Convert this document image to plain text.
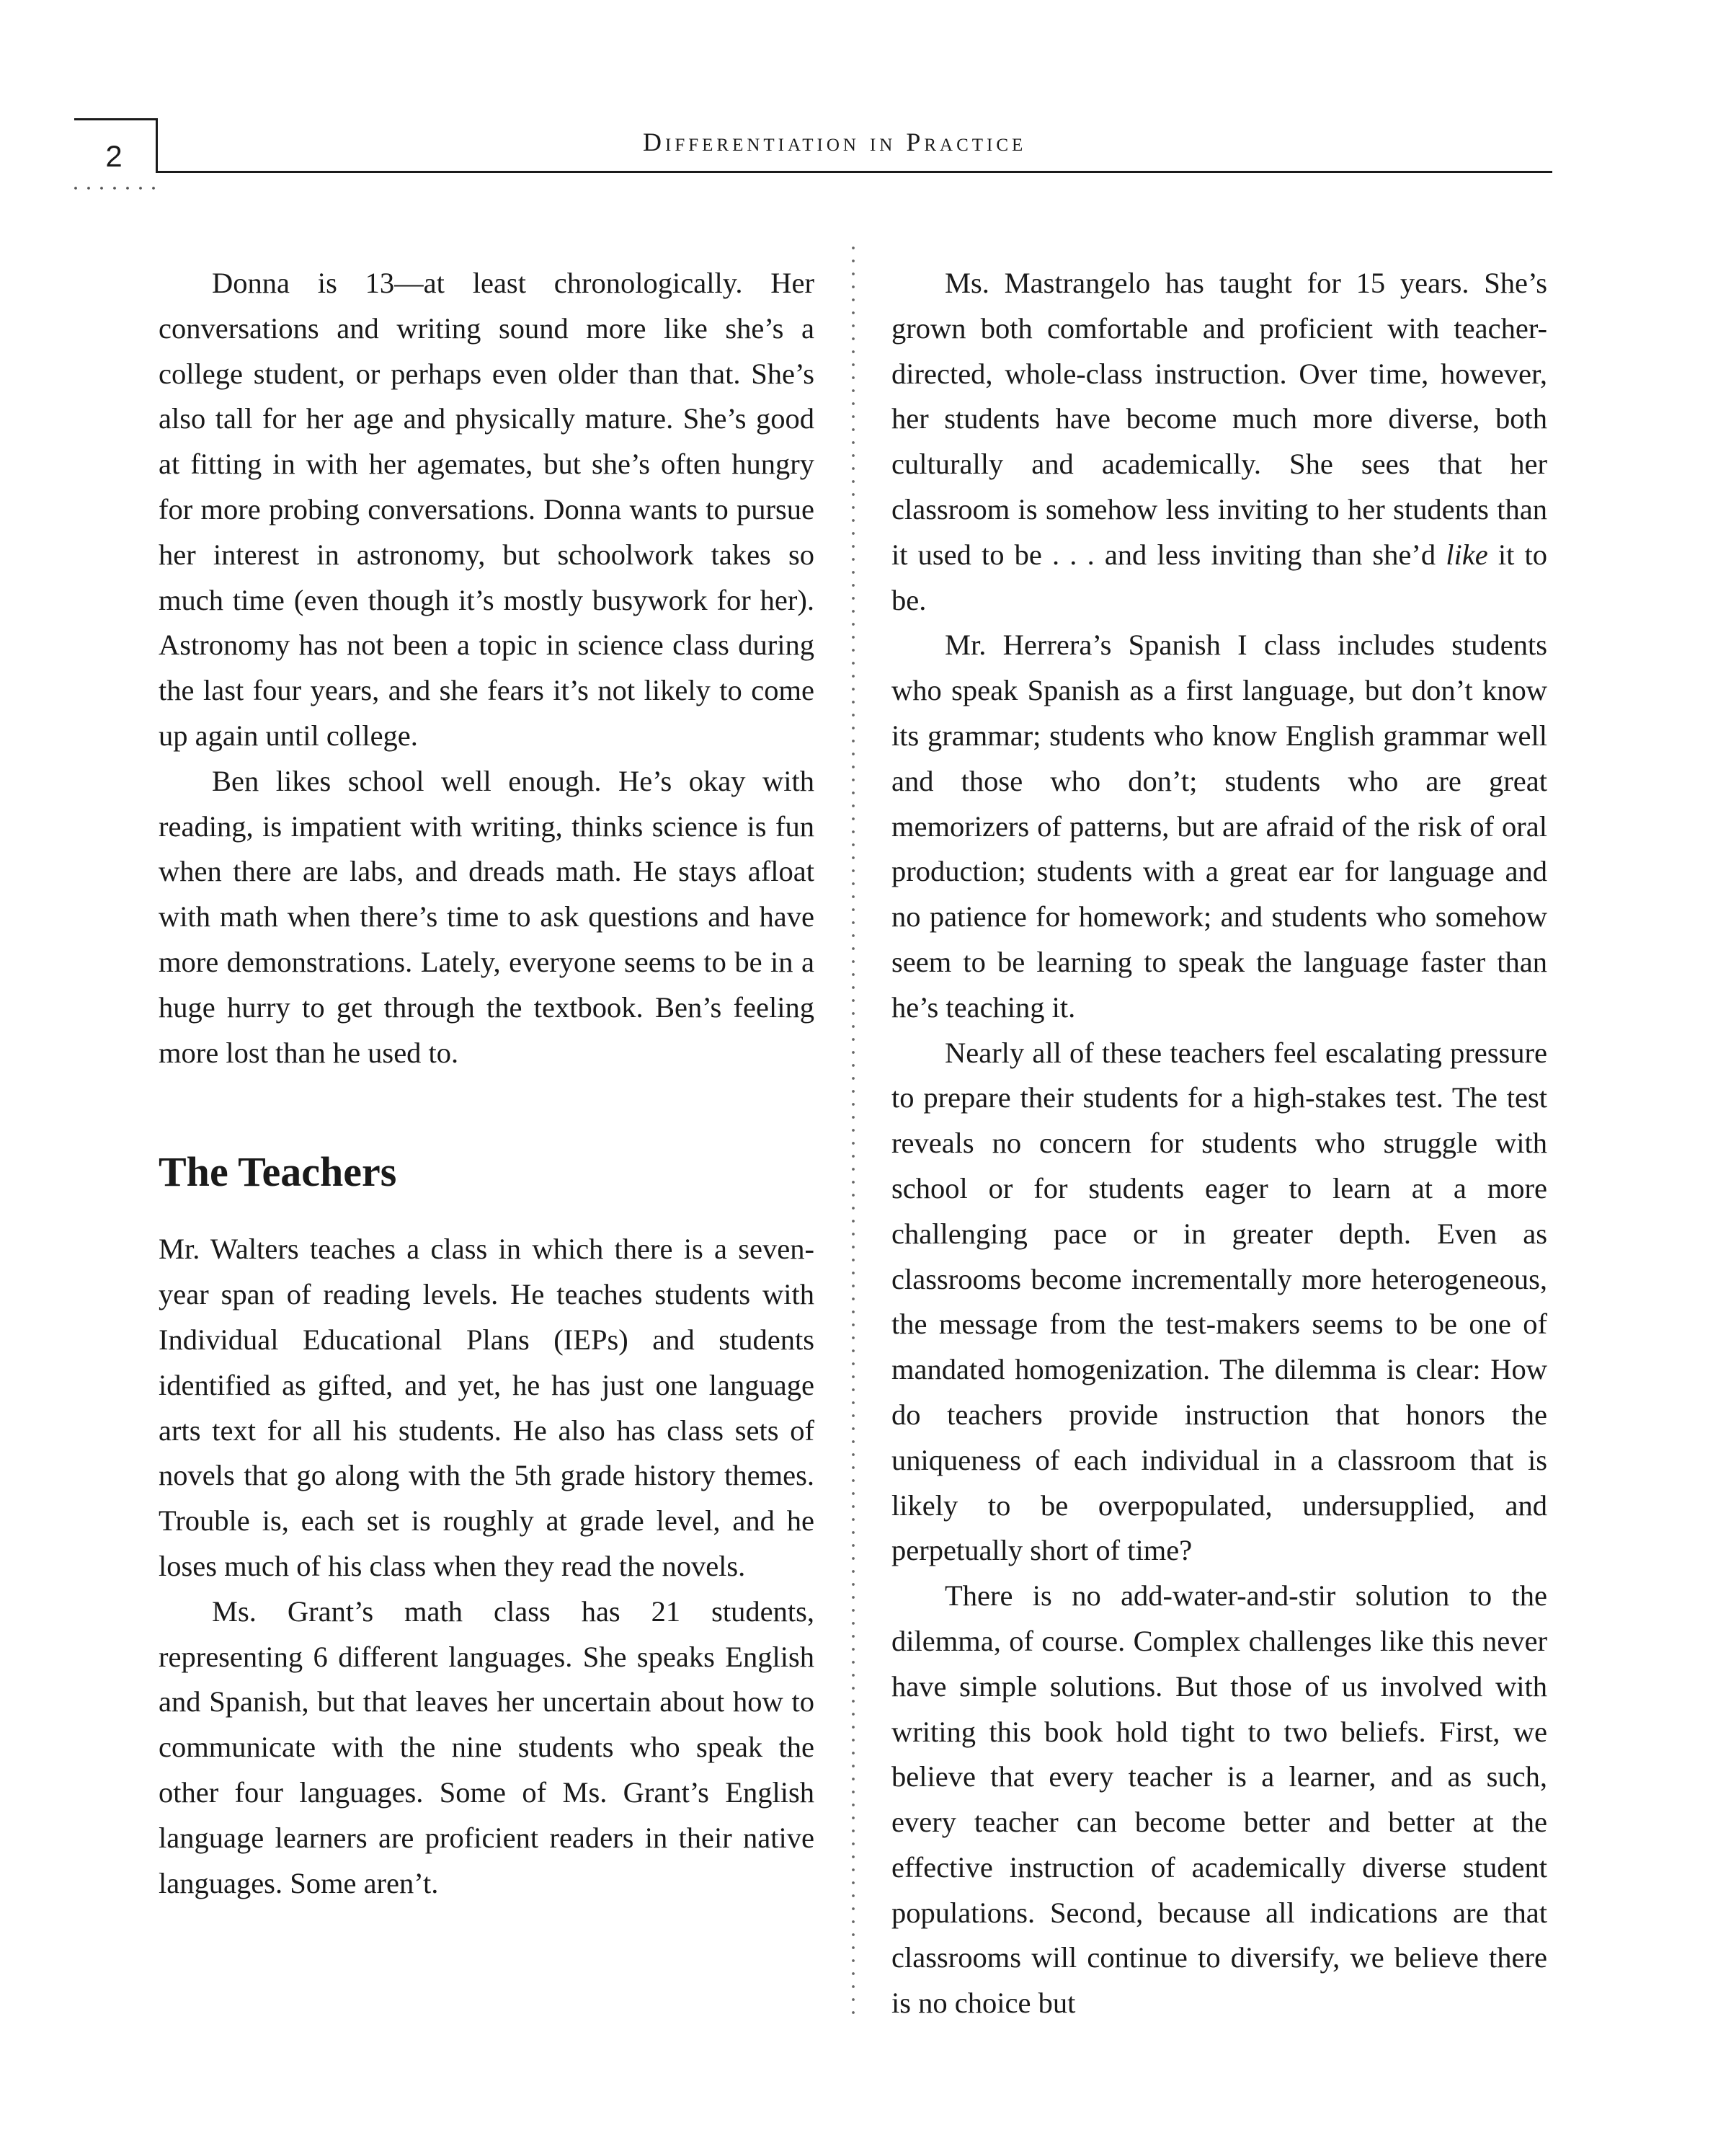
2	Differentiation in Practice

Donna is 13—at least chronologically. Her conversations and writing sound more like she’s a college student, or perhaps even older than that. She’s also tall for her age and physically mature. She’s good at fitting in with her agemates, but she’s often hungry for more probing conversations. Donna wants to pursue her interest in astronomy, but schoolwork takes so much time (even though it’s mostly busywork for her). Astronomy has not been a topic in science class during the last four years, and she fears it’s not likely to come up again until college.

Ben likes school well enough. He’s okay with reading, is impatient with writing, thinks science is fun when there are labs, and dreads math. He stays afloat with math when there’s time to ask questions and have more demonstrations. Lately, everyone seems to be in a huge hurry to get through the textbook. Ben’s feeling more lost than he used to.

The Teachers

Mr. Walters teaches a class in which there is a seven-year span of reading levels. He teaches students with Individual Educational Plans (IEPs) and students identified as gifted, and yet, he has just one language arts text for all his students. He also has class sets of novels that go along with the 5th grade history themes. Trouble is, each set is roughly at grade level, and he loses much of his class when they read the novels.

Ms. Grant’s math class has 21 students, representing 6 different languages. She speaks English and Spanish, but that leaves her uncertain about how to communicate with the nine students who speak the other four languages. Some of Ms. Grant’s English language learners are proficient readers in their native languages. Some aren’t.

Ms. Mastrangelo has taught for 15 years. She’s grown both comfortable and proficient with teacher-directed, whole-class instruction. Over time, however, her students have become much more diverse, both culturally and academically. She sees that her classroom is somehow less inviting to her students than it used to be . . . and less inviting than she’d like it to be.

Mr. Herrera’s Spanish I class includes students who speak Spanish as a first language, but don’t know its grammar; students who know English grammar well and those who don’t; students who are great memorizers of patterns, but are afraid of the risk of oral production; students with a great ear for language and no patience for homework; and students who somehow seem to be learning to speak the language faster than he’s teaching it.

Nearly all of these teachers feel escalating pressure to prepare their students for a high-stakes test. The test reveals no concern for students who struggle with school or for students eager to learn at a more challenging pace or in greater depth. Even as classrooms become incrementally more heterogeneous, the message from the test-makers seems to be one of mandated homogenization. The dilemma is clear: How do teachers provide instruction that honors the uniqueness of each individual in a classroom that is likely to be overpopulated, undersupplied, and perpetually short of time?

There is no add-water-and-stir solution to the dilemma, of course. Complex challenges like this never have simple solutions. But those of us involved with writing this book hold tight to two beliefs. First, we believe that every teacher is a learner, and as such, every teacher can become better and better at the effective instruction of academically diverse student populations. Second, because all indications are that classrooms will continue to diversify, we believe there is no choice but
